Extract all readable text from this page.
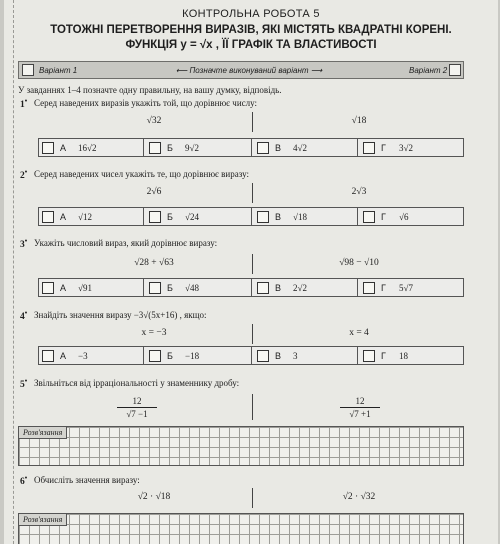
КОНТРОЛЬНА РОБОТА 5
ТОТОЖНІ ПЕРЕТВОРЕННЯ ВИРАЗІВ, ЯКІ МІСТЯТЬ КВАДРАТНІ КОРЕНІ.
ФУНКЦІЯ y = √x , ЇЇ ГРАФІК ТА ВЛАСТИВОСТІ
Варіант 1	⟵ Позначте виконуваний варіант ⟶	Варіант 2
У завданнях 1–4 позначте одну правильну, на вашу думку, відповідь.
1• Серед наведених виразів укажіть той, що дорівнює числу:
√32	√18
А 16√2	Б 9√2	В 4√2	Г 3√2
2• Серед наведених чисел укажіть те, що дорівнює виразу:
2√6	2√3
А √12	Б √24	В √18	Г √6
3• Укажіть числовий вираз, який дорівнює виразу:
√28 + √63	√98 − √10
А √91	Б √48	В 2√2	Г 5√7
4• Знайдіть значення виразу −3√(5x+16) , якщо:
x = −3	x = 4
А −3	Б −18	В 3	Г 18
5• Звільніться від ірраціональності у знаменнику дробу:
12
√7 −1
12
√7 +1
Розв'язання
6• Обчисліть значення виразу:
√2 · √18	√2 · √32
Розв'язання
